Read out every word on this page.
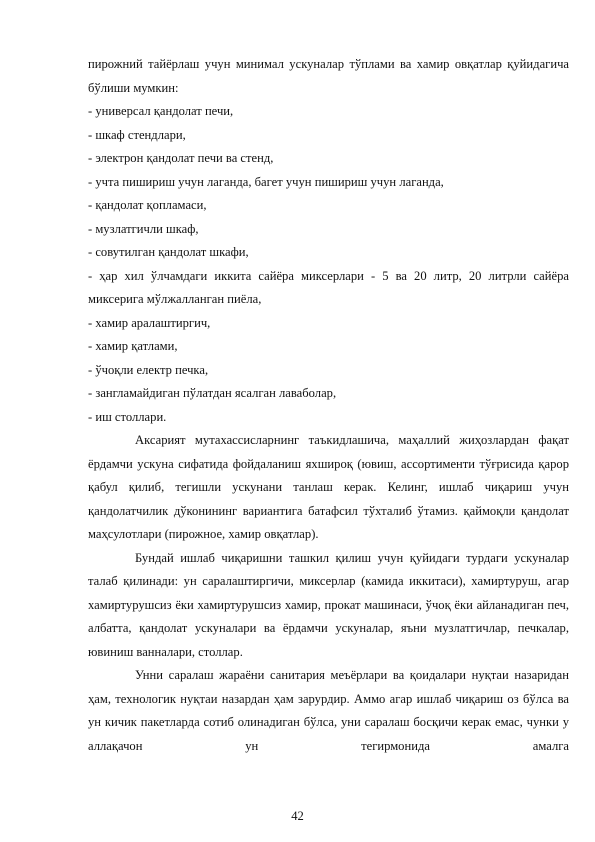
пирожний тайёрлаш учун минимал ускуналар тўплами ва хамир овқатлар қуйидагича бўлиши мумкин:

- универсал қандолат печи,
- шкаф стендлари,
- электрон қандолат печи ва стенд,
- учта пишириш учун лаганда, багет учун пишириш учун лаганда,
- қандолат қопламаси,
- музлатгичли шкаф,
- совутилган қандолат шкафи,
- ҳар хил ўлчамдаги иккита сайёра миксерлари - 5 ва 20 литр, 20 литрли сайёра миксерига мўлжалланган пиёла,
- хамир аралаштиргич,
- хамир қатлами,
- ўчоқли електр печка,
- зангламайдиган пўлатдан ясалган лаваболар,
- иш столлари.

Аксарият мутахассисларнинг таъкидлашича, маҳаллий жиҳозлардан фақат ёрдамчи ускуна сифатида фойдаланиш яхшироқ (ювиш, ассортименти тўғрисида қарор қабул қилиб, тегишли ускунани танлаш керак. Келинг, ишлаб чиқариш учун қандолатчилик дўконининг вариантига батафсил тўхталиб ўтамиз. қаймоқли қандолат маҳсулотлари (пирожное, хамир овқатлар).

Бундай ишлаб чиқаришни ташкил қилиш учун қуйидаги турдаги ускуналар талаб қилинади: ун саралаштиргичи, миксерлар (камида иккитаси), хамиртуруш, агар хамиртурушсиз ёки хамиртурушсиз хамир, прокат машинаси, ўчоқ ёки айланадиган печ, албатта, қандолат ускуналари ва ёрдамчи ускуналар, яъни музлатгичлар, печкалар, ювиниш ванналари, столлар.

Унни саралаш жараёни санитария меъёрлари ва қоидалари нуқтаи назаридан ҳам, технологик нуқтаи назардан ҳам зарурдир. Аммо агар ишлаб чиқариш оз бўлса ва ун кичик пакетларда сотиб олинадиган бўлса, уни саралаш босқичи керак емас, чунки у аллақачон ун тегирмонида амалга

42
